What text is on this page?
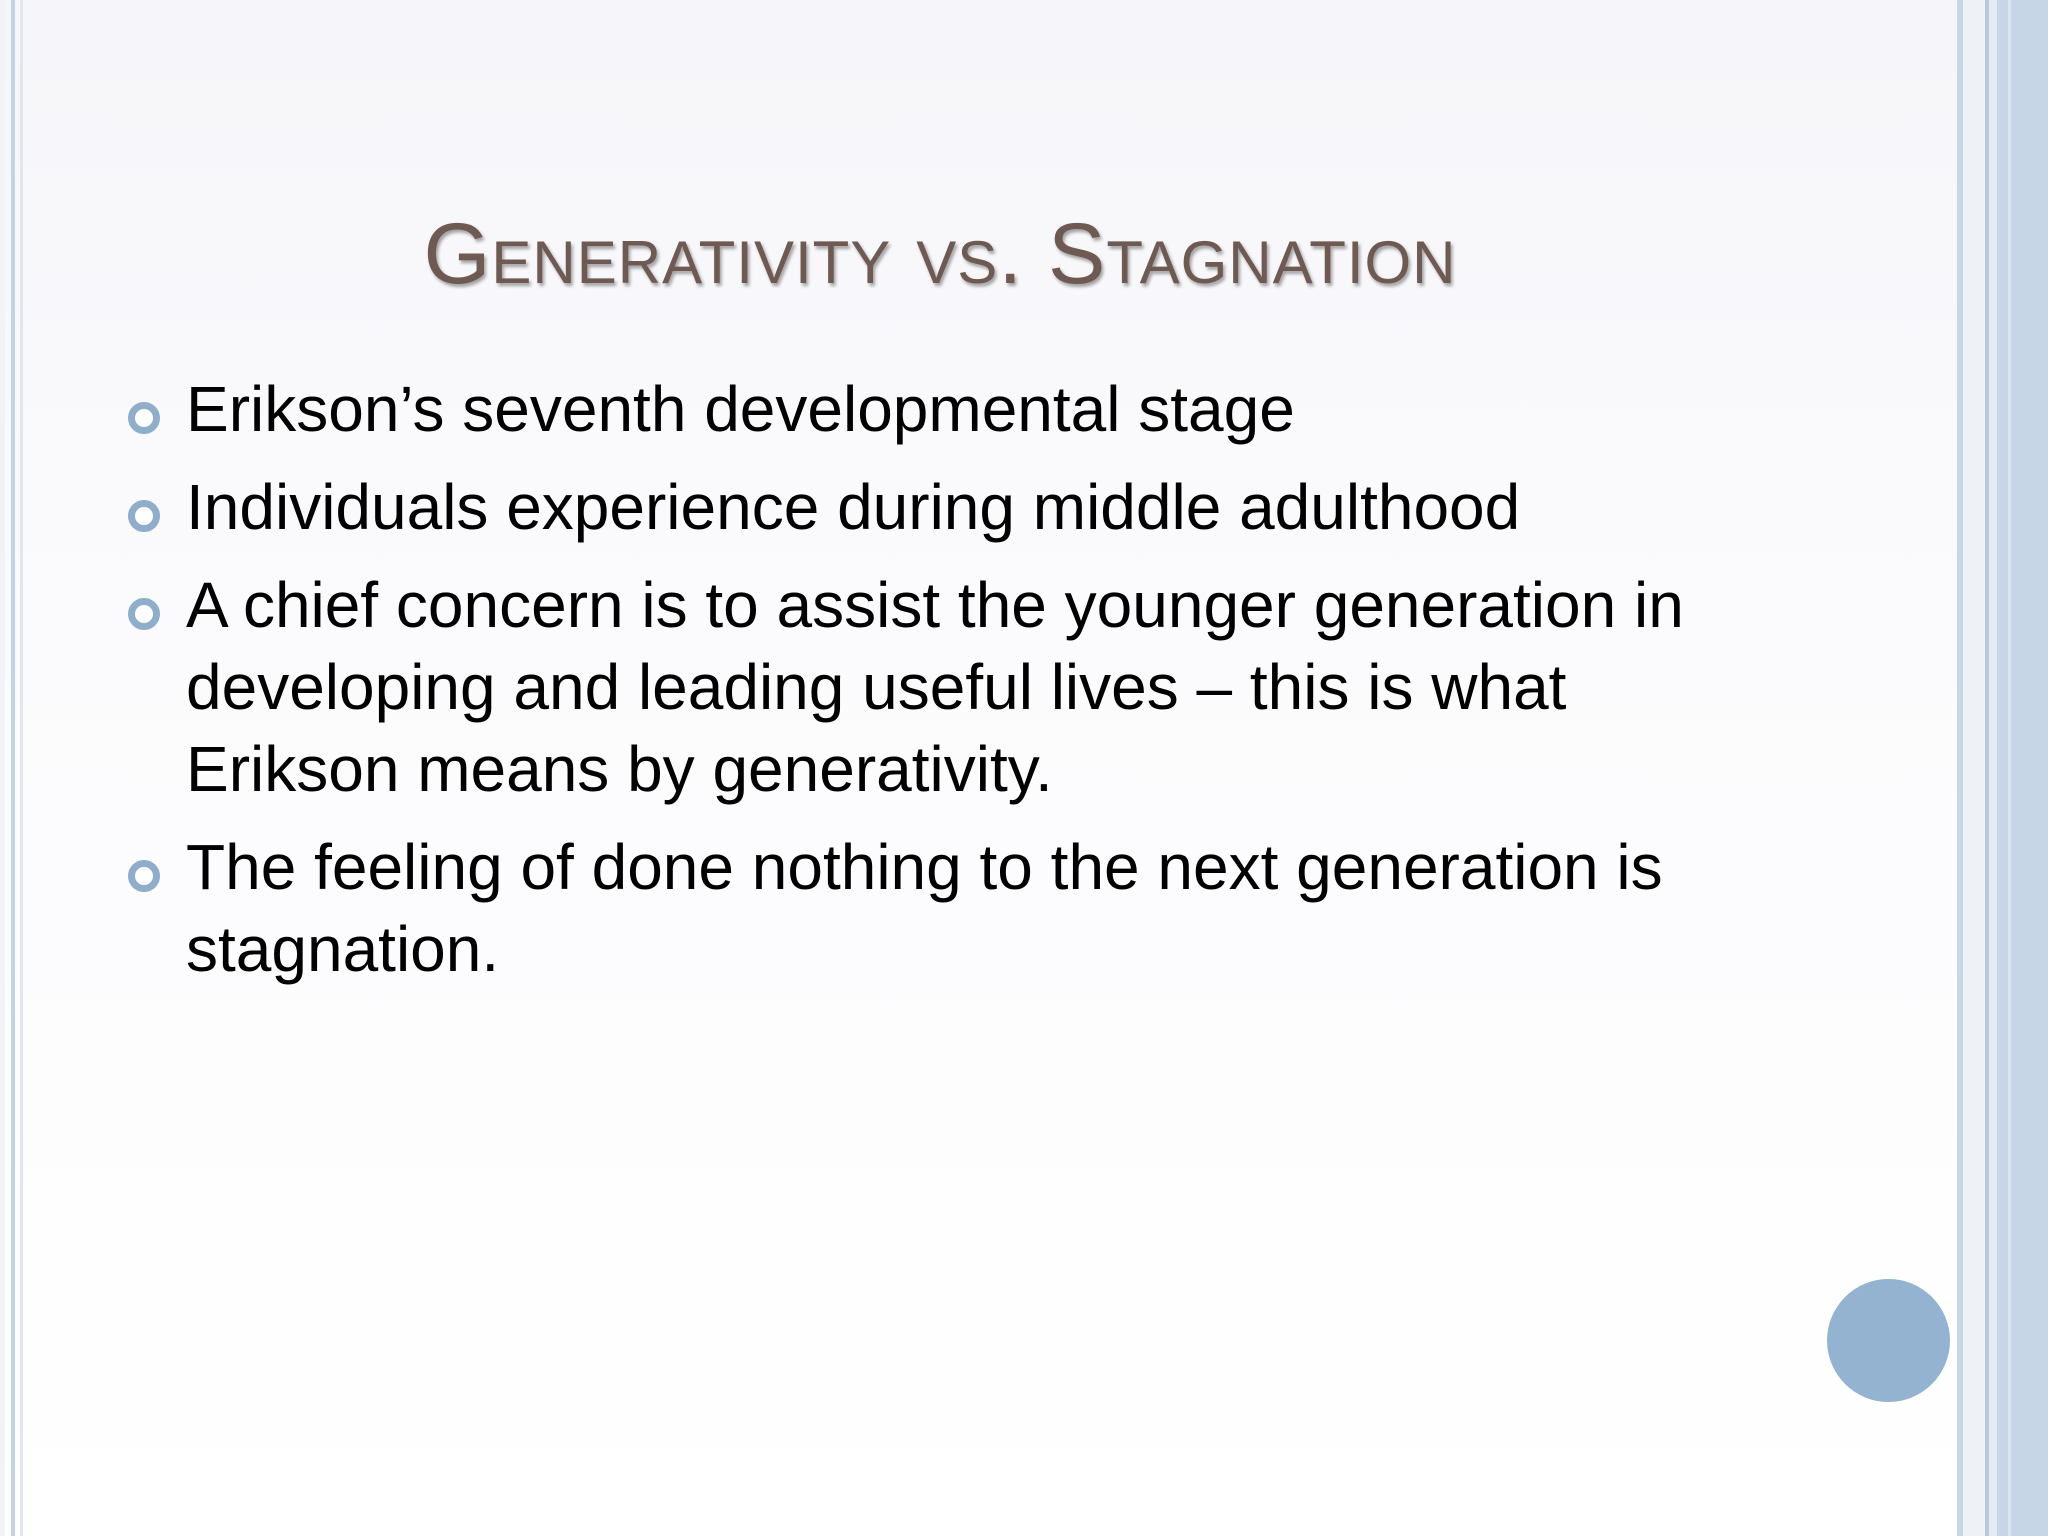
Generativity vs. Stagnation
Erikson’s seventh developmental stage
Individuals experience during middle adulthood
A chief concern is to assist the younger generation in developing and leading useful lives – this is what Erikson means by generativity.
The feeling of done nothing to the next generation is stagnation.
